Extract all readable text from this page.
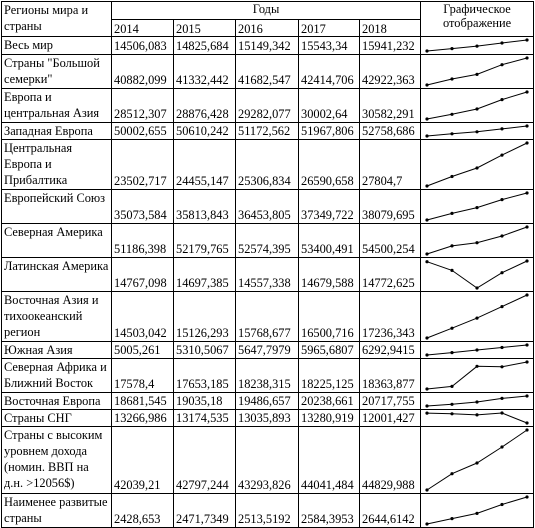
Регионы мира и страны	Годы					Графическое отображение
	2014	2015	2016	2017	2018	
Весь мир	14506,083	14825,684	15149,342	15543,34	15941,232	

Страны "Большой семерки"	40882,099	41332,442	41682,547	42414,706	42922,363	

Европа и центральная Азия	28512,307	28876,428	29282,077	30002,64	30582,291	

Западная Европа	50002,655	50610,242	51172,562	51967,806	52758,686	

Центральная Европа и Прибалтика	23502,717	24455,147	25306,834	26590,658	27804,7	

Европейский Союз	35073,584	35813,843	36453,805	37349,722	38079,695	

Северная Америка	51186,398	52179,765	52574,395	53400,491	54500,254	

Латинская Америка	14767,098	14697,385	14557,338	14679,588	14772,625	

Восточная Азия и тихоокеанский регион	14503,042	15126,293	15768,677	16500,716	17236,343	

Южная Азия	5005,261	5310,5067	5647,7979	5965,6807	6292,9415	

Северная Африка и Ближний Восток	17578,4	17653,185	18238,315	18225,125	18363,877	

Восточная Европа	18681,545	19035,18	19486,657	20238,661	20717,755	

Страны СНГ	13266,986	13174,535	13035,893	13280,919	12001,427	

Страны с высоким уровнем дохода (номин. ВВП на д.н. >12056$)	42039,21	42797,244	43293,826	44041,484	44829,988	

Наименее развитые страны	2428,653	2471,7349	2513,5192	2584,3953	2644,6142	
